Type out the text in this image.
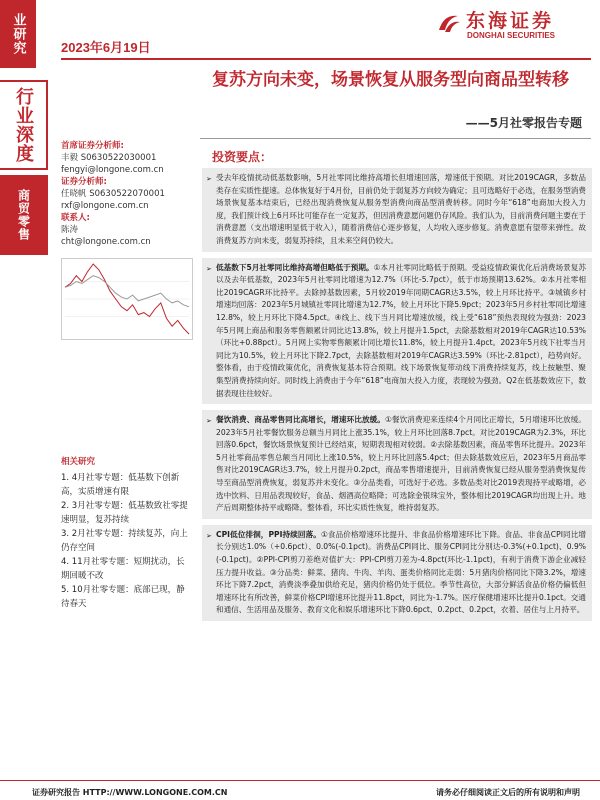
业研究
行业深度
商贸零售
2023年6月19日
东海证券
DONGHAI SECURITIES
复苏方向未变，场景恢复从服务型向商品型转移
——5月社零报告专题
首席证券分析师:
丰毅 S0630522030001
fengyi@longone.com.cn
证券分析师:
任晓帆 S0630522070001
rxf@longone.com.cn
联系人:
陈涛
cht@longone.com.cn
相关研究
1. 4月社零专题：低基数下创新高，实质增速有限
2. 3月社零专题：低基数致社零提速明显，复苏持续
3. 2月社零专题：持续复苏，向上仍存空间
4. 11月社零专题：短期扰动，长期回暖不改
5. 10月社零专题：底部已现，静待春天
投资要点：
➢ 受去年疫情扰动低基数影响，5月社零同比维持高增长但增速回落，增速低于预期。对比2019CAGR，多数品类存在实质性提速。总体恢复好于4月份，目前仍处于弱复苏方向较为确定；且可选略好于必选，在服务型消费场景恢复基本结束后，已经出现消费恢复从服务型消费向商品型消费转移。同时今年“618”电商加大投入力度，我们预计线上6月环比可能存在一定复苏，但因消费意愿问题仍存风险。我们认为，目前消费问题主要在于消费意愿（支出增速明显低于收入），随着消费信心逐步修复，人均收入逐步修复。消费意愿有望带来弹性。故消费复苏方向未变，弱复苏持续，且未来空间仍较大。
➢ 低基数下5月社零同比维持高增但略低于预期。①本月社零同比略低于预期。受益疫情政策优化后消费场景复苏以及去年低基数，2023年5月社零同比增速为12.7%（环比-5.7pct），低于市场预期13.62%。②本月社零相比2019CAGR环比持平。去除掉基数因素，5月较2019年同期CAGR达3.5%，较上月环比持平。③城镇乡村增速均回落：2023年5月城镇社零同比增速为12.7%，较上月环比下降5.9pct；2023年5月乡村社零同比增速12.8%，较上月环比下降4.5pct。④线上、线下当月同比增速放缓，线上受“618”预热表现较为强劲：2023年5月网上商品和服务零售额累计同比达13.8%，较上月提升1.5pct，去除基数相对2019年CAGR达10.53%（环比+0.88pct）。5月网上实物零售额累计同比增长11.8%，较上月提升1.4pct。2023年5月线下社零当月同比为10.5%，较上月环比下降2.7pct，去除基数相对2019年CAGR达3.59%（环比-2.81pct），趋势向好。整体看，由于疫情政策优化，消费恢复基本符合预期。线下场景恢复带动线下消费持续复苏，线上按触型、聚集型消费持续向好。同时线上消费由于今年“618”电商加大投入力度，表现较为强劲。Q2在低基数效应下，数据表现往往较好。
➢ 餐饮消费、商品零售同比高增长，增速环比放缓。①餐饮消费迎来连续4个月同比正增长，5月增速环比放缓。2023年5月社零餐饮服务总额当月同比上涨35.1%，较上月环比回落8.7pct。对比2019CAGR为2.3%，环比回落0.6pct，餐饮场景恢复预计已经结束，短期表现相对较弱。②去除基数因素，商品零售环比提升。2023年5月社零商品零售总额当月同比上涨10.5%，较上月环比回落5.4pct；但去除基数效应后，2023年5月商品零售对比2019CAGR达3.7%，较上月提升0.2pct，商品零售增速提升，目前消费恢复已经从服务型消费恢复传导至商品型消费恢复，弱复苏并未变化。③分品类看，可选好于必选。多数品类对比2019表现持平或略增，必选中饮料、日用品表现较好，食品、烟酒高位略降；可选除金银珠宝外，整体相比2019CAGR均出现上升。地产后周期整体持平或略降。整体看，环比实质性恢复，维持弱复苏。
➢ CPI低位徘徊，PPI持续回落。①食品价格增速环比提升、非食品价格增速环比下降。食品、非食品CPI同比增长分别达1.0%（+0.6pct）、0.0%(-0.1pct)。消费品CPI同比、服务CPI同比分别达-0.3%(+0.1pct)、0.9%(-0.1pct)。②PPI-CPI剪刀差绝对值扩大：PPI-CPI剪刀差为-4.8pct(环比-1.1pct)，有利于消费下游企业减轻压力提升收益。③分品类：鲜菜、猪肉、牛肉、羊肉、蛋类价格同比走弱：5月猪肉价格同比下降3.2%，增速环比下降7.2pct，消费淡季叠加供给充足，猪肉价格仍处于低位。季节性高位，大部分鲜活食品价格仍偏低但增速环比有所改善，鲜菜价格CPI增速环比提升11.8pct，同比为-1.7%。医疗保健增速环比提升0.1pct。交通和通信、生活用品及服务、教育文化和娱乐增速环比下降0.6pct、0.2pct、0.2pct，衣着、居住与上月持平。
证券研究报告 HTTP://WWW.LONGONE.COM.CN	请务必仔细阅读正文后的所有说明和声明
